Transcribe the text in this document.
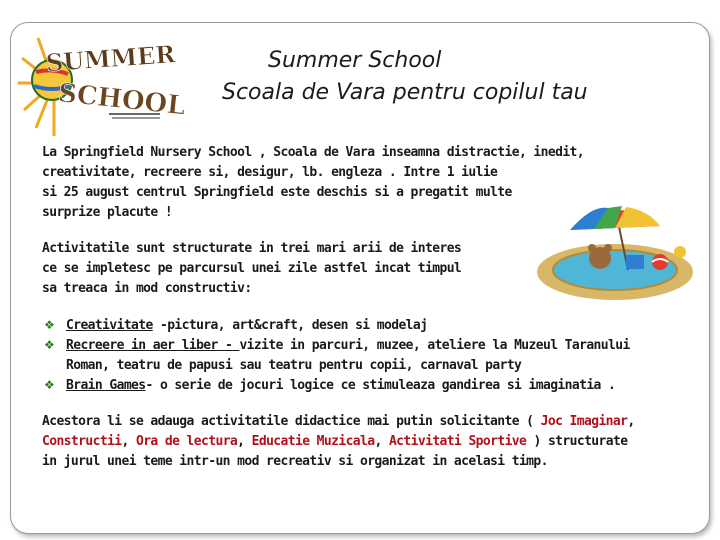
SUMMER
SCHOOL
Summer School
Scoala de Vara pentru copilul tau
La Springfield Nursery School , Scoala de Vara inseamna distractie, inedit,
creativitate, recreere si, desigur, lb. engleza . Intre 1 iulie
si 25 august centrul Springfield este deschis si a pregatit multe
surprize placute !
Activitatile sunt structurate in trei mari arii de interes
ce se impletesc pe parcursul unei zile astfel incat timpul
sa treaca in mod constructiv:
❖ Creativitate -pictura, art&craft, desen si modelaj
❖ Recreere in aer liber - vizite in parcuri, muzee, ateliere la Muzeul Taranului
Roman, teatru de papusi sau teatru pentru copii, carnaval party
❖ Brain Games- o serie de jocuri logice ce stimuleaza gandirea si imaginatia .
Acestora li se adauga activitatile didactice mai putin solicitante ( Joc Imaginar,
Constructii, Ora de lectura, Educatie Muzicala, Activitati Sportive ) structurate
in jurul unei teme intr-un mod recreativ si organizat in acelasi timp.
